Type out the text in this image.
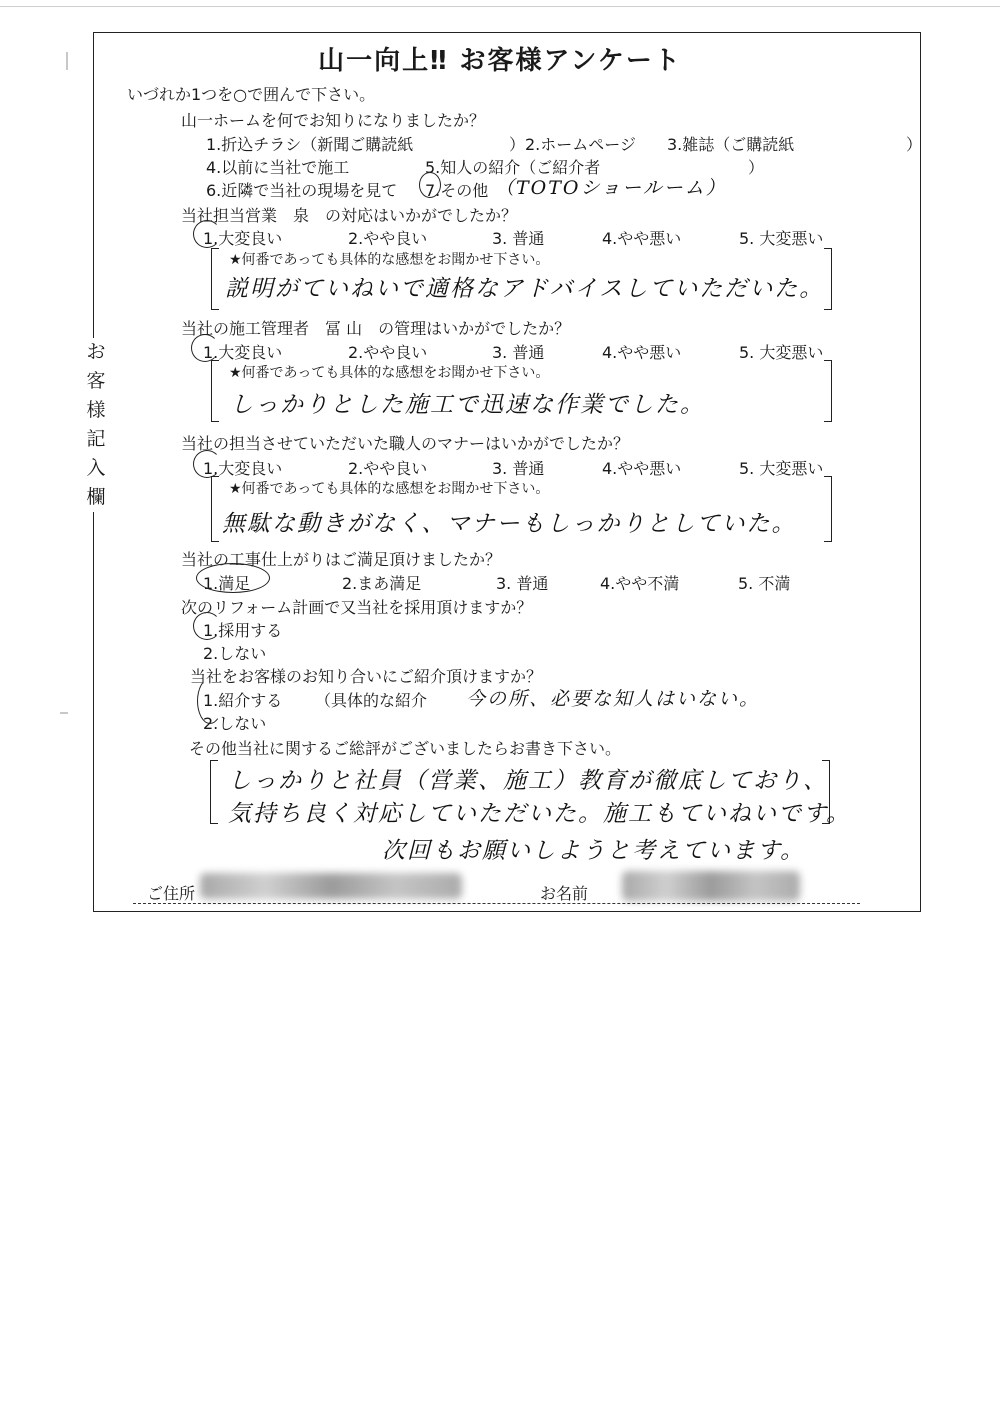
お
客
様
記
入
欄
山一向上‼ お客様アンケート
いづれか1つを○で囲んで下さい。
山一ホームを何でお知りになりましたか？
1.折込チラシ（新聞ご購読紙	）2.ホームページ 3.雑誌（ご購読紙	）
4.以前に当社で施工	5.知人の紹介（ご紹介者	）
6.近隣で当社の現場を見て 7.その他 （TOTOショールーム）
当社担当営業　泉　の対応はいかがでしたか？
1.大変良い	2.やや良い	3. 普通	4.やや悪い	5. 大変悪い
★何番であっても具体的な感想をお聞かせ下さい。
説明がていねいで適格なアドバイスしていただいた。
当社の施工管理者　冨 山　の管理はいかがでしたか？
1.大変良い	2.やや良い	3. 普通	4.やや悪い	5. 大変悪い
★何番であっても具体的な感想をお聞かせ下さい。
しっかりとした施工で迅速な作業でした。
当社の担当させていただいた職人のマナーはいかがでしたか？
1.大変良い	2.やや良い	3. 普通	4.やや悪い	5. 大変悪い
★何番であっても具体的な感想をお聞かせ下さい。
無駄な動きがなく、マナーもしっかりとしていた。
当社の工事仕上がりはご満足頂けましたか？
1.満足	2.まあ満足	3. 普通	4.やや不満	5. 不満
次のリフォーム計画で又当社を採用頂けますか？
1.採用する
2.しない
当社をお客様のお知り合いにご紹介頂けますか？
1.紹介する （具体的な紹介 今の所、必要な知人はいない。
2.しない
その他当社に関するご総評がございましたらお書き下さい。
しっかりと社員（営業、施工）教育が徹底しており、
気持ち良く対応していただいた。施工もていねいです。
次回もお願いしようと考えています。
ご住所	お名前
